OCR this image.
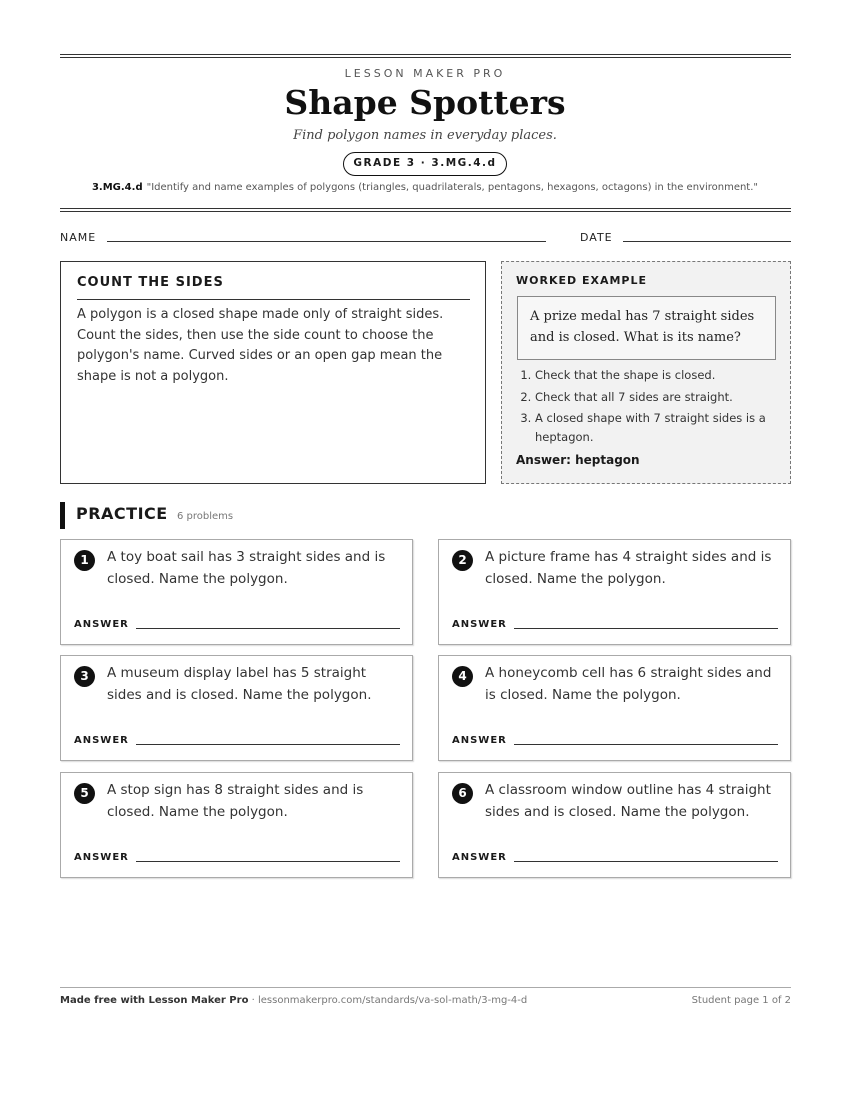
LESSON MAKER PRO
Shape Spotters
Find polygon names in everyday places.
GRADE 3 · 3.MG.4.d
3.MG.4.d "Identify and name examples of polygons (triangles, quadrilaterals, pentagons, hexagons, octagons) in the environment."
NAME	DATE
COUNT THE SIDES

A polygon is a closed shape made only of straight sides. Count the sides, then use the side count to choose the polygon's name. Curved sides or an open gap mean the shape is not a polygon.

WORKED EXAMPLE
A prize medal has 7 straight sides and is closed. What is its name?
1. Check that the shape is closed.
2. Check that all 7 sides are straight.
3. A closed shape with 7 straight sides is a heptagon.
Answer: heptagon
PRACTICE 6 problems
1	A toy boat sail has 3 straight sides and is closed. Name the polygon.
ANSWER
2	A picture frame has 4 straight sides and is closed. Name the polygon.
ANSWER
3	A museum display label has 5 straight sides and is closed. Name the polygon.
ANSWER
4	A honeycomb cell has 6 straight sides and is closed. Name the polygon.
ANSWER
5	A stop sign has 8 straight sides and is closed. Name the polygon.
ANSWER
6	A classroom window outline has 4 straight sides and is closed. Name the polygon.
ANSWER
Made free with Lesson Maker Pro · lessonmakerpro.com/standards/va-sol-math/3-mg-4-d	Student page 1 of 2
